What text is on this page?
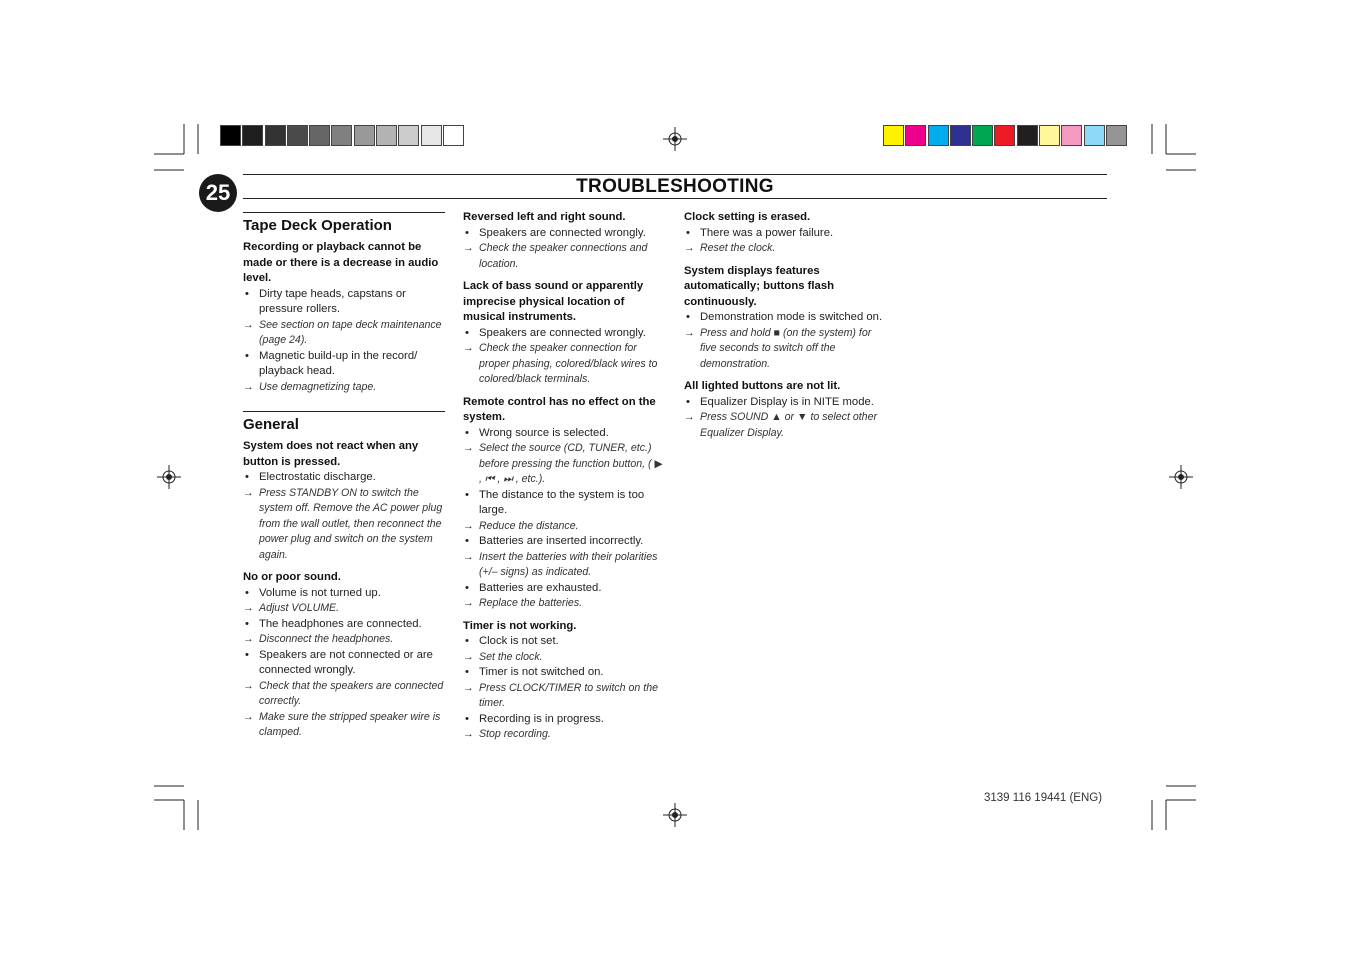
25	TROUBLESHOOTING
Tape Deck Operation
Recording or playback cannot be made or there is a decrease in audio level.
• Dirty tape heads, capstans or pressure rollers.
→ See section on tape deck maintenance (page 24).
• Magnetic build-up in the record/ playback head.
→ Use demagnetizing tape.
General
System does not react when any button is pressed.
• Electrostatic discharge.
→ Press STANDBY ON to switch the system off. Remove the AC power plug from the wall outlet, then reconnect the power plug and switch on the system again.
No or poor sound.
• Volume is not turned up.
→ Adjust VOLUME.
• The headphones are connected.
→ Disconnect the headphones.
• Speakers are not connected or are connected wrongly.
→ Check that the speakers are connected correctly.
→ Make sure the stripped speaker wire is clamped.
Reversed left and right sound.
• Speakers are connected wrongly.
→ Check the speaker connections and location.
Lack of bass sound or apparently imprecise physical location of musical instruments.
• Speakers are connected wrongly.
→ Check the speaker connection for proper phasing, colored/black wires to colored/black terminals.
Remote control has no effect on the system.
• Wrong source is selected.
→ Select the source (CD, TUNER, etc.) before pressing the function button, ( ▶ , ⏮ , ⏭ , etc.).
• The distance to the system is too large.
→ Reduce the distance.
• Batteries are inserted incorrectly.
→ Insert the batteries with their polarities (+/– signs) as indicated.
• Batteries are exhausted.
→ Replace the batteries.
Timer is not working.
• Clock is not set.
→ Set the clock.
• Timer is not switched on.
→ Press CLOCK/TIMER to switch on the timer.
• Recording is in progress.
→ Stop recording.
Clock setting is erased.
• There was a power failure.
→ Reset the clock.
System displays features automatically; buttons flash continuously.
• Demonstration mode is switched on.
→ Press and hold ■ (on the system) for five seconds to switch off the demonstration.
All lighted buttons are not lit.
• Equalizer Display is in NITE mode.
→ Press SOUND ▲ or ▼ to select other Equalizer Display.
3139 116 19441 (ENG)
